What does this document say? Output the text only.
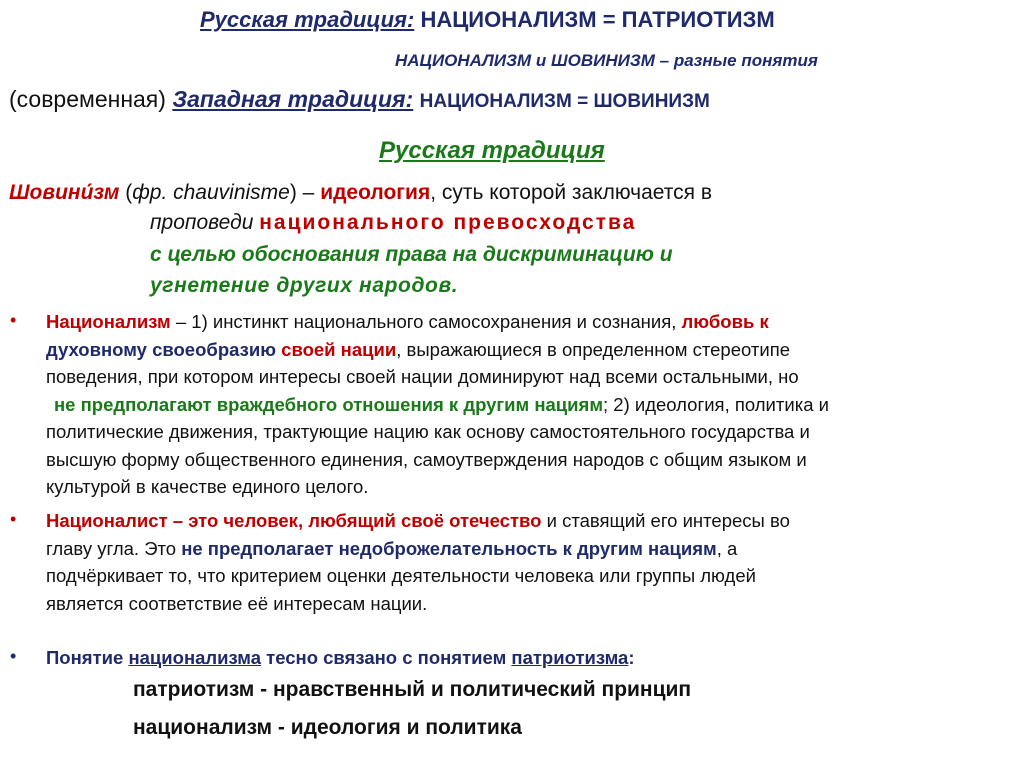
Русская традиция: НАЦИОНАЛИЗМ = ПАТРИОТИЗМ
НАЦИОНАЛИЗМ и ШОВИНИЗМ – разные понятия
(современная) Западная традиция: НАЦИОНАЛИЗМ = ШОВИНИЗМ
Русская традиция
Шовини́зм (фр. chauvinisme) – идеология, суть которой заключается в
проповеди национального превосходства
с целью обоснования права на дискриминацию и
угнетение других народов.
• Национализм – 1) инстинкт национального самосохранения и сознания, любовь к
духовному своеобразию своей нации, выражающиеся в определенном стереотипе
поведения, при котором интересы своей нации доминируют над всеми остальными, но
не предполагают враждебного отношения к другим нациям; 2) идеология, политика и
политические движения, трактующие нацию как основу самостоятельного государства и
высшую форму общественного единения, самоутверждения народов с общим языком и
культурой в качестве единого целого.
• Националист – это человек, любящий своё отечество и ставящий его интересы во
главу угла. Это не предполагает недоброжелательность к другим нациям, а
подчёркивает то, что критерием оценки деятельности человека или группы людей
является соответствие её интересам нации.
• Понятие национализма тесно связано с понятием патриотизма:
патриотизм - нравственный и политический принцип
национализм - идеология и политика
